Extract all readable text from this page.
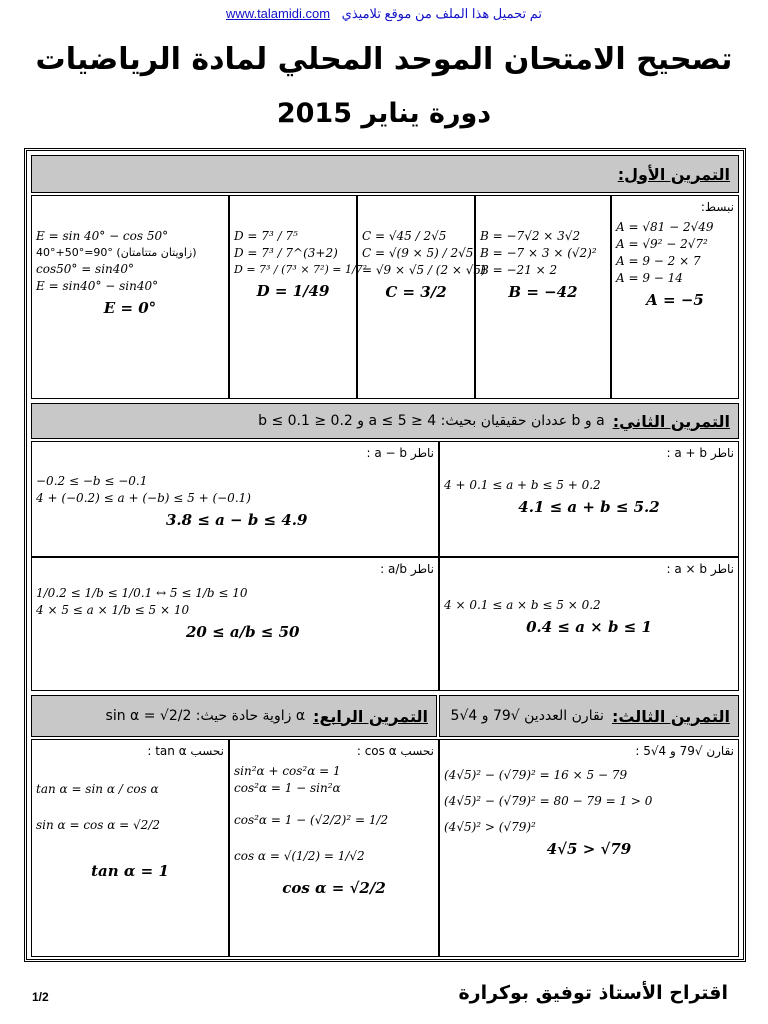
www.talamidi.com تم تحميل هذا الملف من موقع تلاميذي
تصحيح الامتحان الموحد المحلي لمادة الرياضيات
دورة يناير 2015
التمرين الأول:
نبسط:
A = √81 − 2√49
A = √9² − 2√7²
A = 9 − 2 × 7
A = 9 − 14
A = −5
B = −7√2 × 3√2
B = −7 × 3 × (√2)²
B = −21 × 2
B = −42
C = √45 / 2√5
C = √(9 × 5) / 2√5
= √9 × √5 / (2 × √5)
C = 3/2
D = 7³ / 7⁵
D = 7³ / 7^(3+2)
D = 7³ / (7³ × 7²) = 1/7²
D = 1/49
E = sin 40° − cos 50°
40°+50°=90° (زاويتان متتامتان)
cos50° = sin40°
E = sin40° − sin40°
E = 0°
التمرين الثاني:
a و b عددان حقيقيان بحيث: 4 ≤ a ≤ 5 و 0.2 ≤ b ≤ 0.1
ناطر a + b :
4 + 0.1 ≤ a + b ≤ 5 + 0.2
4.1 ≤ a + b ≤ 5.2
ناطر a − b :
−0.2 ≤ −b ≤ −0.1
4 + (−0.2) ≤ a + (−b) ≤ 5 + (−0.1)
3.8 ≤ a − b ≤ 4.9
ناطر a × b :
4 × 0.1 ≤ a × b ≤ 5 × 0.2
0.4 ≤ a × b ≤ 1
ناطر a/b :
1/0.2 ≤ 1/b ≤ 1/0.1 ↔ 5 ≤ 1/b ≤ 10
4 × 5 ≤ a × 1/b ≤ 5 × 10
20 ≤ a/b ≤ 50
التمرين الثالث:
نقارن العددين √79 و 4√5
التمرين الرابع:
α زاوية حادة حيث: sin α = √2/2
نقارن √79 و 4√5 :
(4√5)² − (√79)² = 16 × 5 − 79
(4√5)² − (√79)² = 80 − 79 = 1 > 0
(4√5)² > (√79)²
4√5 > √79
نحسب cos α :
sin²α + cos²α = 1
cos²α = 1 − sin²α
cos²α = 1 − (√2/2)² = 1/2
cos α = √(1/2) = 1/√2
cos α = √2/2
نحسب tan α :
tan α = sin α / cos α
sin α = cos α = √2/2
tan α = 1
اقتراح الأستاذ توفيق بوكرارة
1/2
